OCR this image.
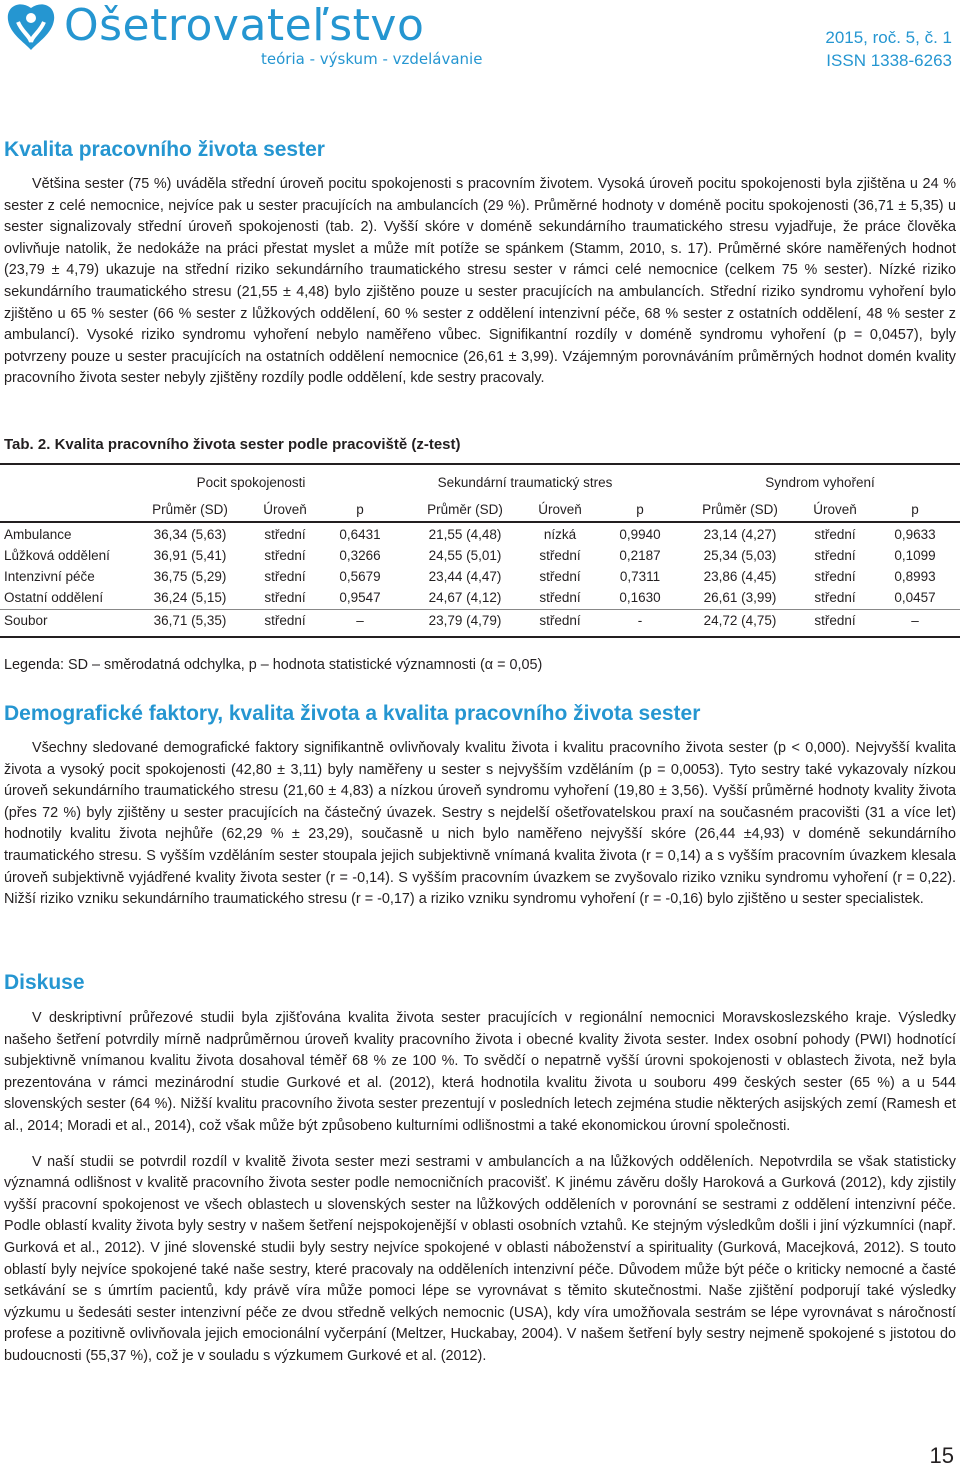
Ošetrovateľstvo
teória - výskum - vzdelávanie
2015, roč. 5, č. 1
ISSN 1338-6263
Kvalita pracovního života sester

Většina sester (75 %) uváděla střední úroveň pocitu spokojenosti s pracovním životem. Vysoká úroveň pocitu spokojenosti byla zjištěna u 24 % sester z celé nemocnice, nejvíce pak u sester pracujících na ambulancích (29 %). Průměrné hodnoty v doméně pocitu spokojenosti (36,71 ± 5,35) u sester signalizovaly střední úroveň spokojenosti (tab. 2). Vyšší skóre v doméně sekundárního traumatického stresu vyjadřuje, že práce člověka ovlivňuje natolik, že nedokáže na práci přestat myslet a může mít potíže se spánkem (Stamm, 2010, s. 17). Průměrné skóre naměřených hodnot (23,79 ± 4,79) ukazuje na střední riziko sekundárního traumatického stresu sester v rámci celé nemocnice (celkem 75 % sester). Nízké riziko sekundárního traumatického stresu (21,55 ± 4,48) bylo zjištěno pouze u sester pracujících na ambulancích. Střední riziko syndromu vyhoření bylo zjištěno u 65 % sester (66 % sester z lůžkových oddělení, 60 % sester z oddělení intenzivní péče, 68 % sester z ostatních oddělení, 48 % sester z ambulancí). Vysoké riziko syndromu vyhoření nebylo naměřeno vůbec. Signifikantní rozdíly v doméně syndromu vyhoření (p = 0,0457), byly potvrzeny pouze u sester pracujících na ostatních oddělení nemocnice (26,61 ± 3,99). Vzájemným porovnáváním průměrných hodnot domén kvality pracovního života sester nebyly zjištěny rozdíly podle oddělení, kde sestry pracovaly.

Tab. 2. Kvalita pracovního života sester podle pracoviště (z-test)
Pocit spokojenosti	Sekundární traumatický stres	Syndrom vyhoření
Průměr (SD)	Úroveň	p	Průměr (SD)	Úroveň	p	Průměr (SD)	Úroveň	p
Ambulance	36,34 (5,63)	střední	0,6431	21,55 (4,48)	nízká	0,9940	23,14 (4,27)	střední	0,9633
Lůžková oddělení	36,91 (5,41)	střední	0,3266	24,55 (5,01)	střední	0,2187	25,34 (5,03)	střední	0,1099
Intenzivní péče	36,75 (5,29)	střední	0,5679	23,44 (4,47)	střední	0,7311	23,86 (4,45)	střední	0,8993
Ostatní oddělení	36,24 (5,15)	střední	0,9547	24,67 (4,12)	střední	0,1630	26,61 (3,99)	střední	0,0457
Soubor	36,71 (5,35)	střední	–	23,79 (4,79)	střední	-	24,72 (4,75)	střední	–
Legenda: SD – směrodatná odchylka, p – hodnota statistické významnosti (α = 0,05)
Demografické faktory, kvalita života a kvalita pracovního života sester

Všechny sledované demografické faktory signifikantně ovlivňovaly kvalitu života i kvalitu pracovního života sester (p < 0,000). Nejvyšší kvalita života a vysoký pocit spokojenosti (42,80 ± 3,11) byly naměřeny u sester s nejvyšším vzděláním (p = 0,0053). Tyto sestry také vykazovaly nízkou úroveň sekundárního traumatického stresu (21,60 ± 4,83) a nízkou úroveň syndromu vyhoření (19,80 ± 3,56). Vyšší průměrné hodnoty kvality života (přes 72 %) byly zjištěny u sester pracujících na částečný úvazek. Sestry s nejdelší ošetřovatelskou praxí na současném pracovišti (31 a více let) hodnotily kvalitu života nejhůře (62,29 % ± 23,29), současně u nich bylo naměřeno nejvyšší skóre (26,44 ±4,93) v doméně sekundárního traumatického stresu. S vyšším vzděláním sester stoupala jejich subjektivně vnímaná kvalita života (r = 0,14) a s vyšším pracovním úvazkem klesala úroveň subjektivně vyjádřené kvality života sester (r = -0,14). S vyšším pracovním úvazkem se zvyšovalo riziko vzniku syndromu vyhoření (r = 0,22). Nižší riziko vzniku sekundárního traumatického stresu (r = -0,17) a riziko vzniku syndromu vyhoření (r = -0,16) bylo zjištěno u sester specialistek.

Diskuse

V deskriptivní průřezové studii byla zjišťována kvalita života sester pracujících v regionální nemocnici Moravskoslezského kraje. Výsledky našeho šetření potvrdily mírně nadprůměrnou úroveň kvality pracovního života i obecné kvality života sester. Index osobní pohody (PWI) hodnotící subjektivně vnímanou kvalitu života dosahoval téměř 68 % ze 100 %. To svědčí o nepatrně vyšší úrovni spokojenosti v oblastech života, než byla prezentována v rámci mezinárodní studie Gurkové et al. (2012), která hodnotila kvalitu života u souboru 499 českých sester (65 %) a u 544 slovenských sester (64 %). Nižší kvalitu pracovního života sester prezentují v posledních letech zejména studie některých asijských zemí (Ramesh et al., 2014; Moradi et al., 2014), což však může být způsobeno kulturními odlišnostmi a také ekonomickou úrovní společnosti.

V naší studii se potvrdil rozdíl v kvalitě života sester mezi sestrami v ambulancích a na lůžkových odděleních. Nepotvrdila se však statisticky významná odlišnost v kvalitě pracovního života sester podle nemocničních pracovišť. K jinému závěru došly Haroková a Gurková (2012), kdy zjistily vyšší pracovní spokojenost ve všech oblastech u slovenských sester na lůžkových odděleních v porovnání se sestrami z oddělení intenzivní péče. Podle oblastí kvality života byly sestry v našem šetření nejspokojenější v oblasti osobních vztahů. Ke stejným výsledkům došli i jiní výzkumníci (např. Gurková et al., 2012). V jiné slovenské studii byly sestry nejvíce spokojené v oblasti náboženství a spirituality (Gurková, Macejková, 2012). S touto oblastí byly nejvíce spokojené také naše sestry, které pracovaly na odděleních intenzivní péče. Důvodem může být péče o kriticky nemocné a časté setkávání se s úmrtím pacientů, kdy právě víra může pomoci lépe se vyrovnávat s těmito skutečnostmi. Naše zjištění podporují také výsledky výzkumu u šedesáti sester intenzivní péče ze dvou středně velkých nemocnic (USA), kdy víra umožňovala sestrám se lépe vyrovnávat s náročností profese a pozitivně ovlivňovala jejich emocionální vyčerpání (Meltzer, Huckabay, 2004). V našem šetření byly sestry nejmeně spokojené s jistotou do budoucnosti (55,37 %), což je v souladu s výzkumem Gurkové et al. (2012).

15
